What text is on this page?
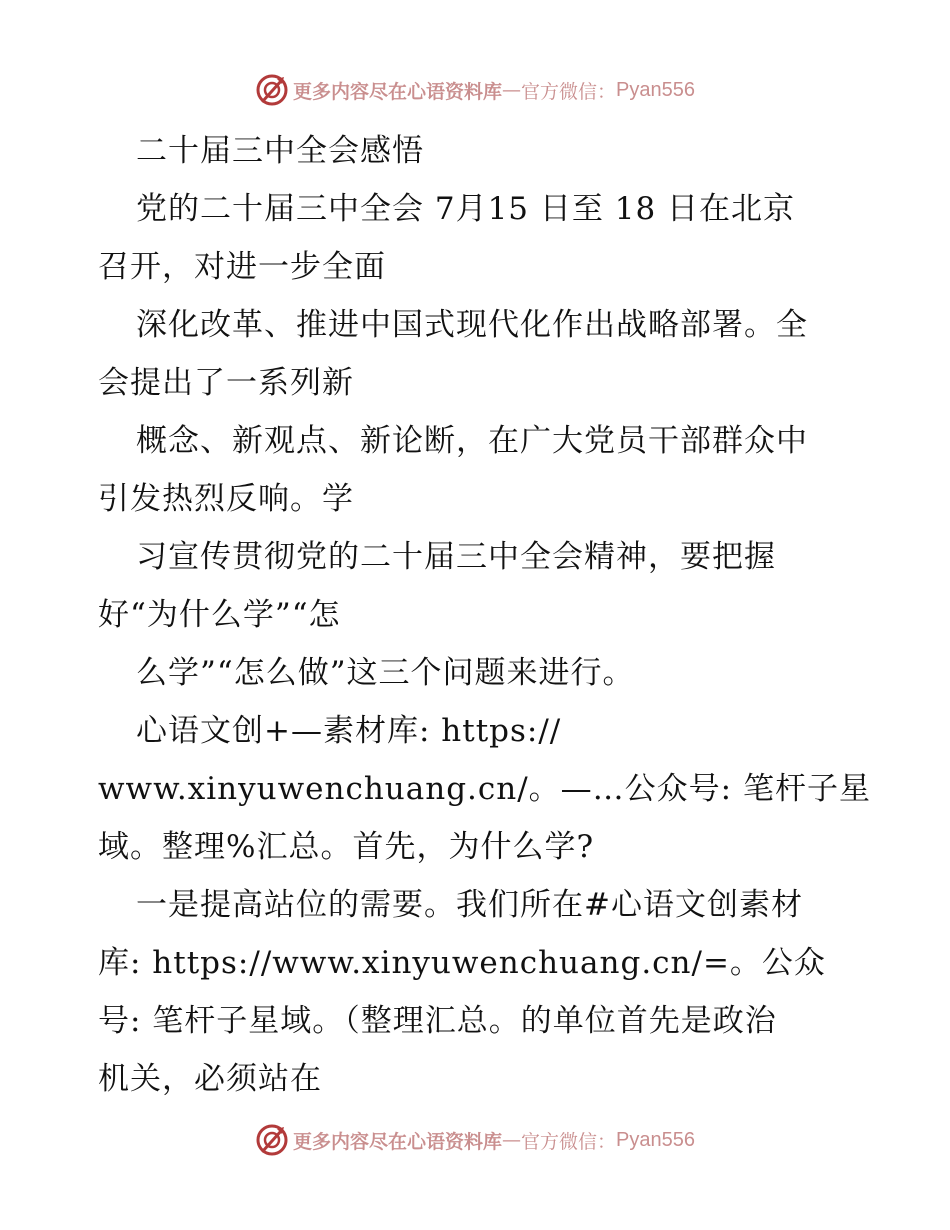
更多内容尽在心语资料库 — 官方微信： Pyan556
二十届三中全会感悟
党的二十届三中全会 7月15 日至 18 日在北京
召开，对进一步全面
深化改革、推进中国式现代化作出战略部署。全
会提出了一系列新
概念、新观点、新论断，在广大党员干部群众中
引发热烈反响。学
习宣传贯彻党的二十届三中全会精神，要把握
好“为什么学”“怎
么学”“怎么做”这三个问题来进行。
心语文创+—素材库: https://
www.xinyuwenchuang.cn/。—…公众号: 笔杆子星
域。整理%汇总。首先，为什么学?
一是提高站位的需要。我们所在#心语文创素材
库: https://www.xinyuwenchuang.cn/=。公众
号: 笔杆子星域。（整理汇总。的单位首先是政治
机关，必须站在
更多内容尽在心语资料库 — 官方微信： Pyan556
